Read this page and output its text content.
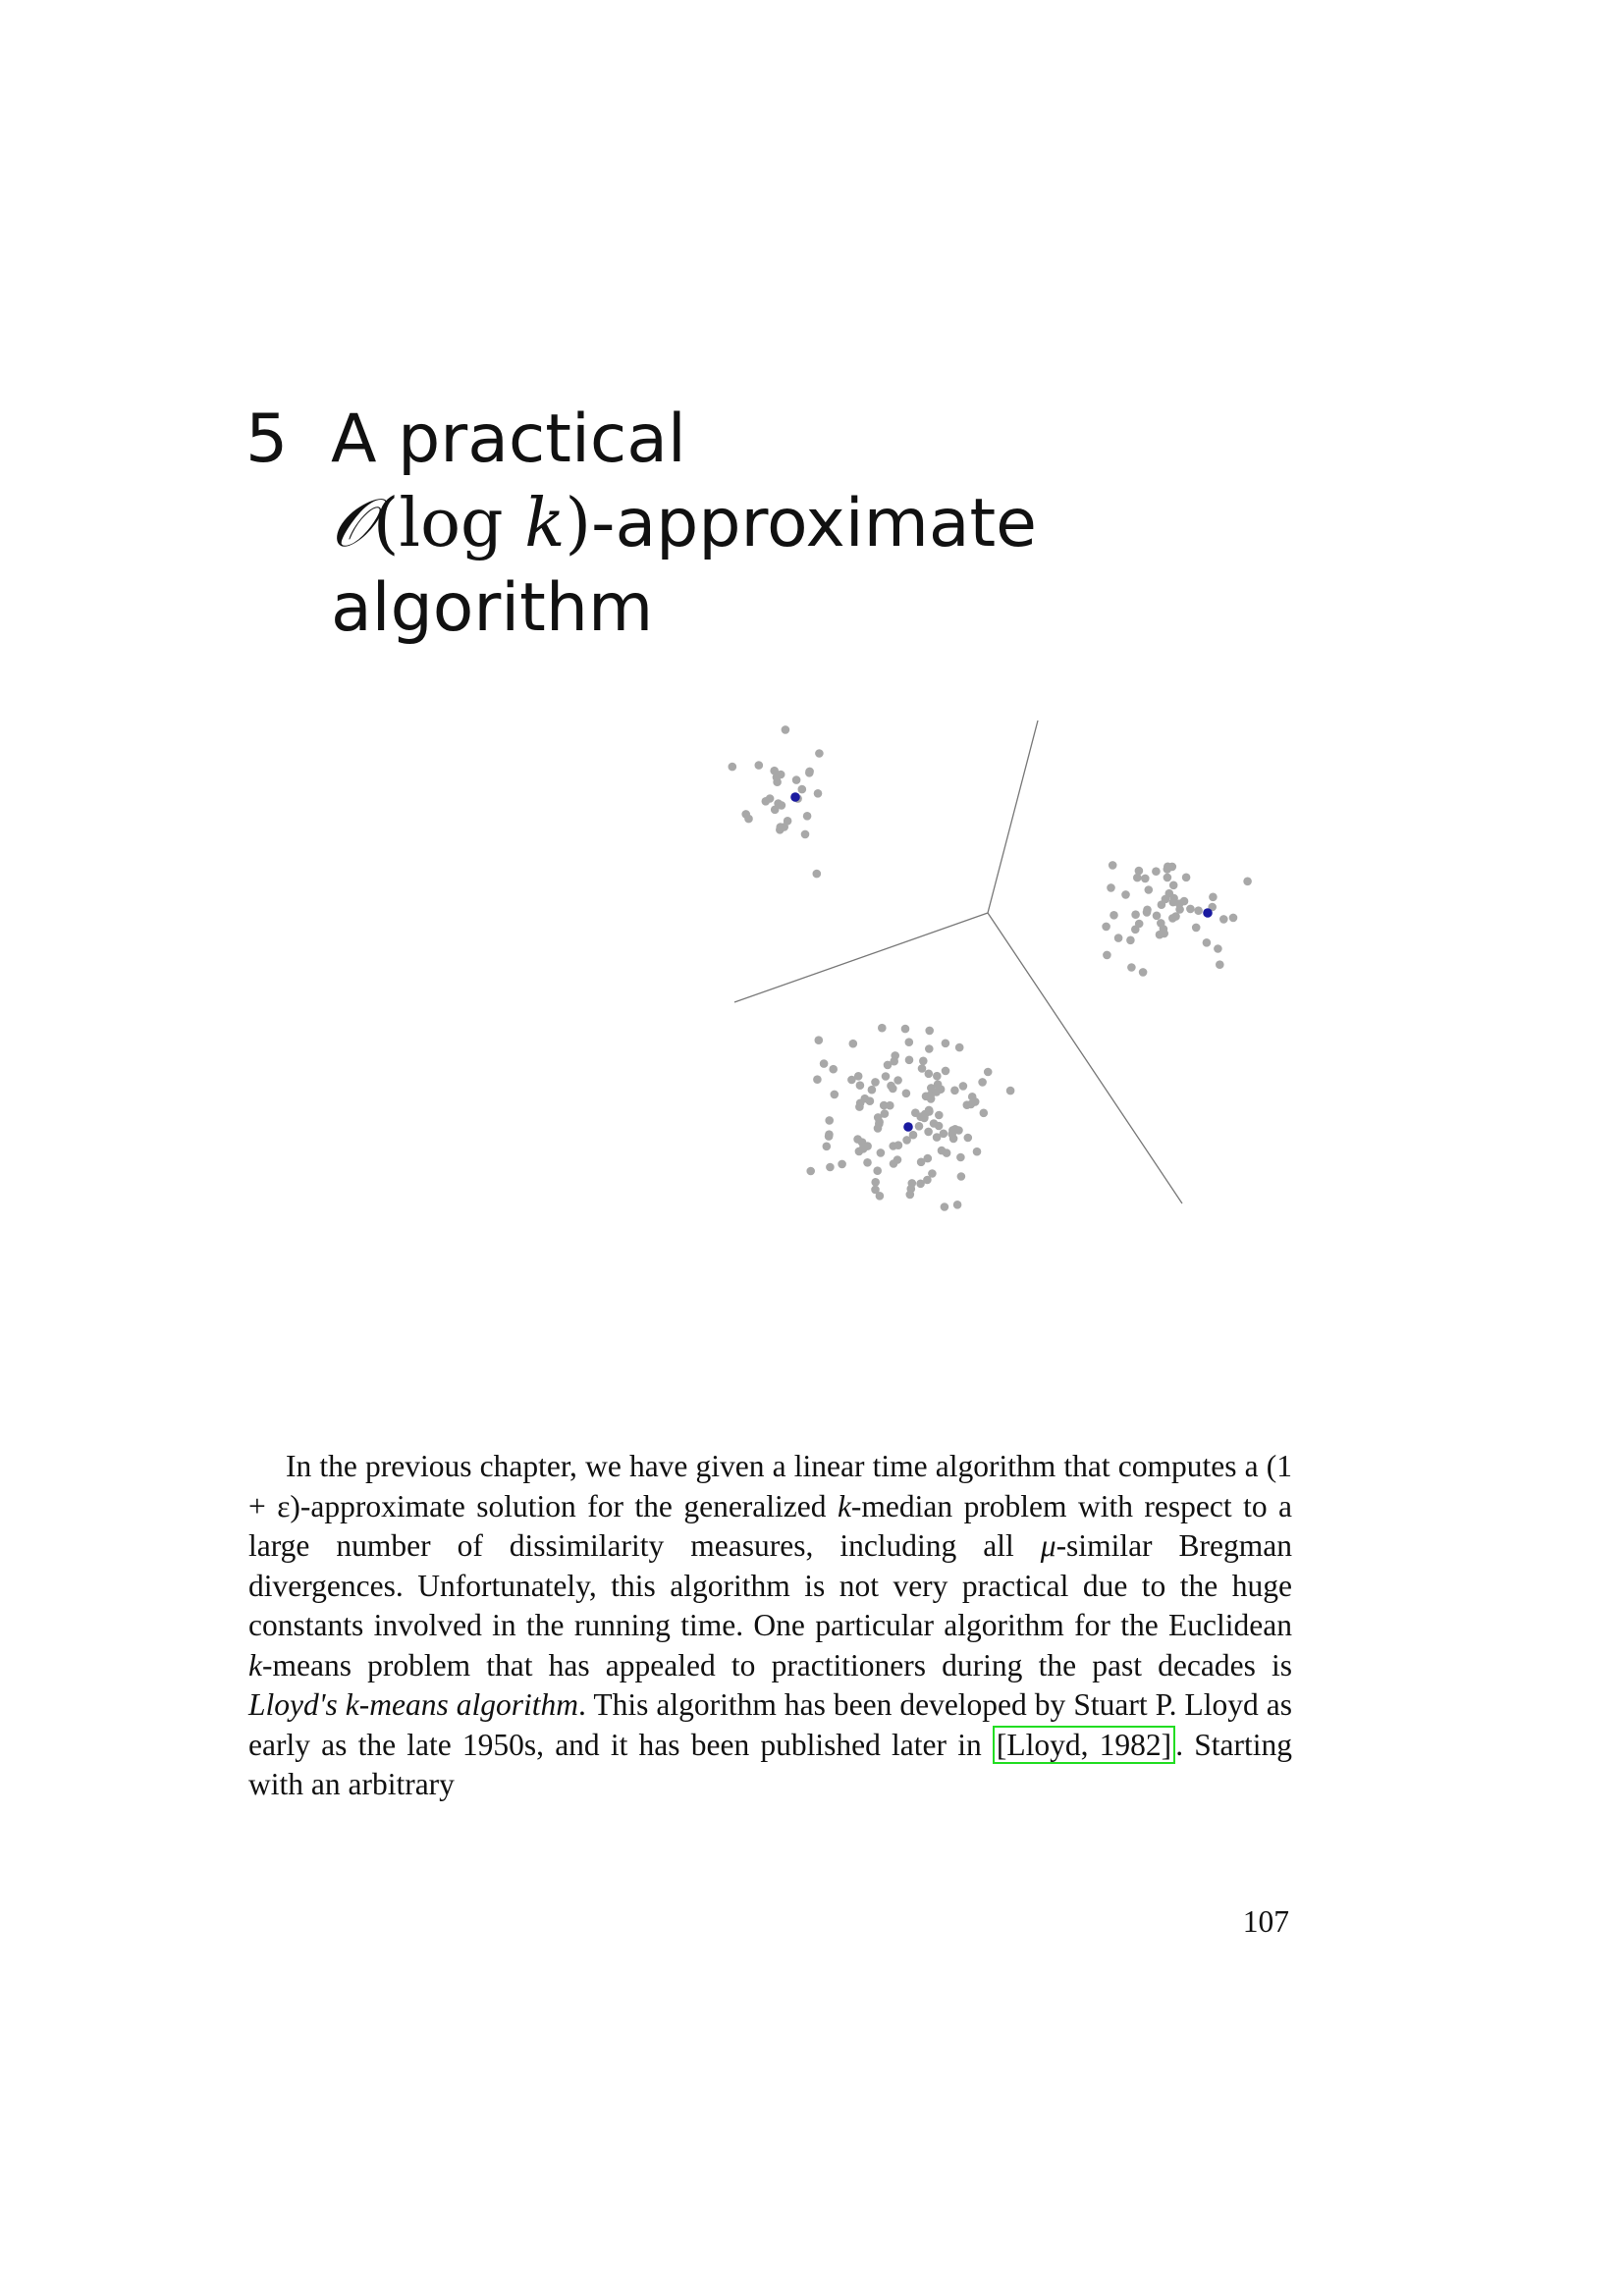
5 A practical
𝒪(log k)-approximate
algorithm

In the previous chapter, we have given a linear time algorithm that computes a (1 + ε)-approximate solution for the generalized k-median problem with respect to a large number of dissimilarity measures, including all μ-similar Bregman divergences. Unfortunately, this algorithm is not very practical due to the huge constants involved in the running time. One particular algorithm for the Euclidean k-means problem that has appealed to practitioners during the past decades is Lloyd's k-means algorithm. This algorithm has been developed by Stuart P. Lloyd as early as the late 1950s, and it has been published later in [Lloyd, 1982] . Starting with an arbitrary

107
